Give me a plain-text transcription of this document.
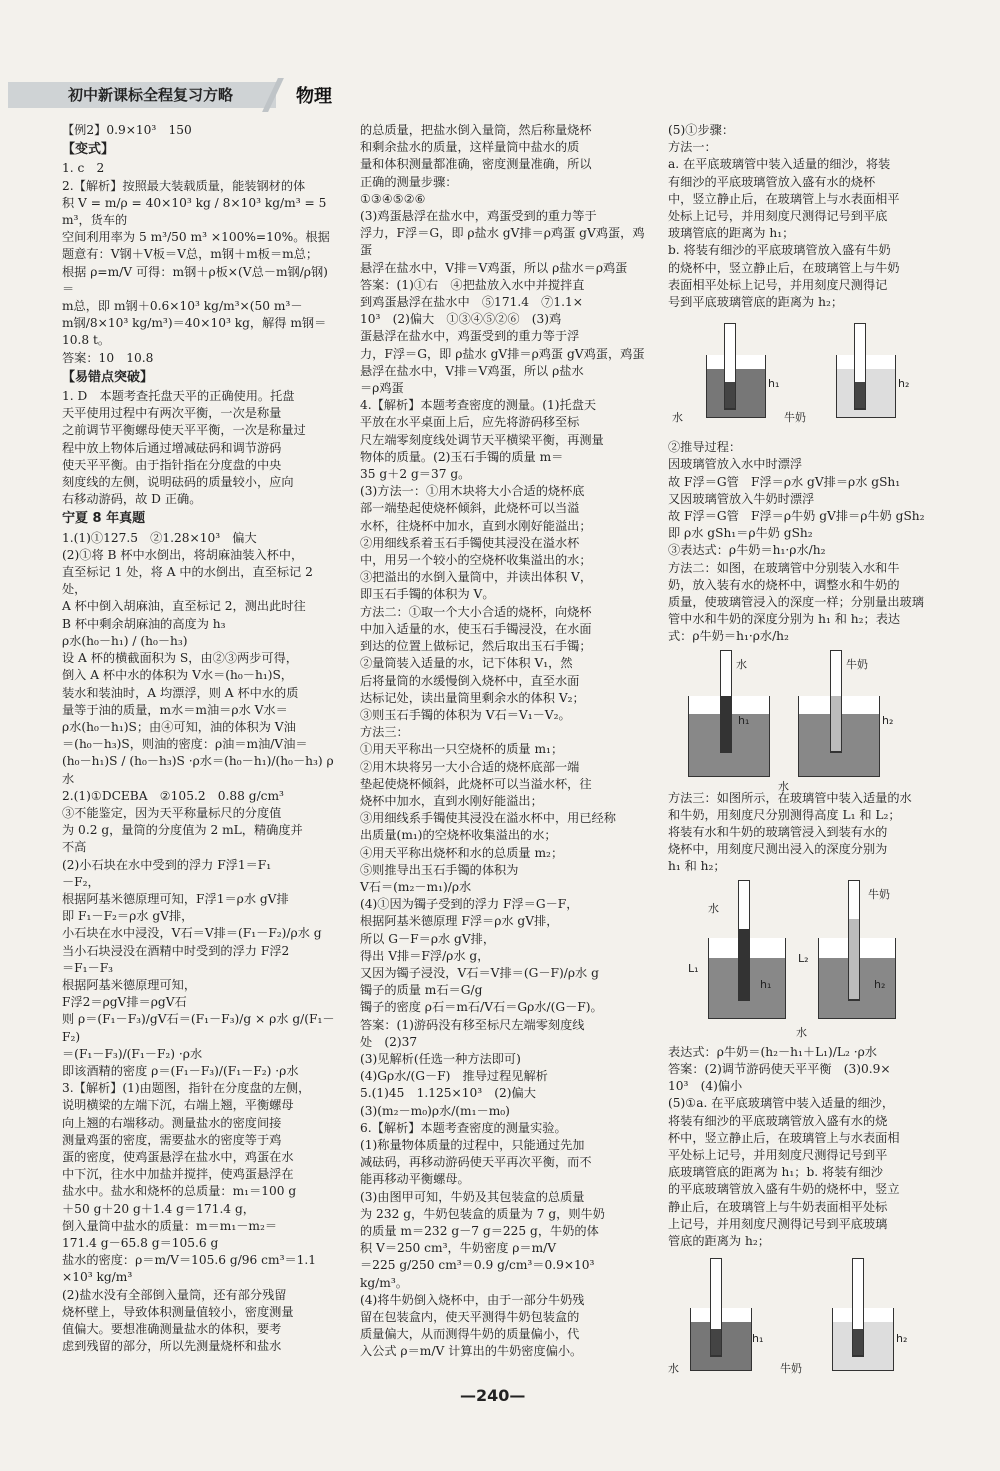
初中新课标全程复习方略	物理

【例2】0.9×10³　150

【变式】

1. c　2

2.【解析】按照最大装载质量，能装钢材的体

积 V = m/ρ = 40×10³ kg / 8×10³ kg/m³ = 5 m³，货车的

空间利用率为 5 m³/50 m³ ×100%=10%。根据

题意有：V钢＋V板＝V总，m钢＋m板＝m总；

根据 ρ=m/V 可得：m钢＋ρ板×(V总－m钢/ρ钢)＝

m总，即 m钢＋0.6×10³ kg/m³×(50 m³－

m钢/8×10³ kg/m³)＝40×10³ kg，解得 m钢＝

10.8 t。

答案：10　10.8

【易错点突破】

1. D　本题考查托盘天平的正确使用。托盘

天平使用过程中有两次平衡，一次是称量

之前调节平衡螺母使天平平衡，一次是称量过

程中放上物体后通过增减砝码和调节游码

使天平平衡。由于指针指在分度盘的中央

刻度线的左侧，说明砝码的质量较小，应向

右移动游码，故 D 正确。

宁夏 8 年真题

1.(1)①127.5　②1.28×10³　偏大

(2)①将 B 杯中水倒出，将胡麻油装入杯中，

直至标记 1 处，将 A 中的水倒出，直至标记 2 处，

A 杯中倒入胡麻油，直至标记 2，测出此时往

B 杯中剩余胡麻油的高度为 h₃

ρ水(h₀－h₁) / (h₀－h₃)

设 A 杯的横截面积为 S，由②③两步可得，

倒入 A 杯中水的体积为 V水＝(h₀－h₁)S，

装水和装油时，A 均漂浮，则 A 杯中水的质

量等于油的质量，m水＝m油＝ρ水 V水＝

ρ水(h₀－h₁)S；由④可知，油的体积为 V油

＝(h₀－h₃)S，则油的密度：ρ油＝m油/V油＝

(h₀－h₁)S / (h₀－h₃)S ·ρ水＝(h₀－h₁)/(h₀－h₃) ρ水

2.(1)①DCEBA　②105.2　0.88 g/cm³

③不能鉴定，因为天平称量标尺的分度值

为 0.2 g，量筒的分度值为 2 mL，精确度并

不高

(2)小石块在水中受到的浮力 F浮1＝F₁

－F₂，

根据阿基米德原理可知，F浮1＝ρ水 gV排

即 F₁－F₂＝ρ水 gV排，

小石块在水中浸没，V石＝V排＝(F₁－F₂)/ρ水 g

当小石块浸没在酒精中时受到的浮力 F浮2

＝F₁－F₃

根据阿基米德原理可知，

F浮2＝ρgV排＝ρgV石

则 ρ＝(F₁－F₃)/gV石＝(F₁－F₃)/g × ρ水 g/(F₁－F₂)

＝(F₁－F₃)/(F₁－F₂) ·ρ水

即该酒精的密度 ρ＝(F₁－F₃)/(F₁－F₂) ·ρ水

3.【解析】(1)由题图，指针在分度盘的左侧，

说明横梁的左端下沉，右端上翘，平衡螺母

向上翘的右端移动。测量盐水的密度间接

测量鸡蛋的密度，需要盐水的密度等于鸡

蛋的密度，使鸡蛋悬浮在盐水中，鸡蛋在水

中下沉，往水中加盐并搅拌，使鸡蛋悬浮在

盐水中。盐水和烧杯的总质量：m₁＝100 g

＋50 g＋20 g＋1.4 g＝171.4 g，

倒入量筒中盐水的质量：m＝m₁－m₂＝

171.4 g－65.8 g＝105.6 g

盐水的密度：ρ＝m/V＝105.6 g/96 cm³＝1.1

×10³ kg/m³

(2)盐水没有全部倒入量筒，还有部分残留

烧杯壁上，导致体积测量值较小，密度测量

值偏大。要想准确测量盐水的体积，要考

虑到残留的部分，所以先测量烧杯和盐水

的总质量，把盐水倒入量筒，然后称量烧杯

和剩余盐水的质量，这样量筒中盐水的质

量和体积测量都准确，密度测量准确，所以

正确的测量步骤：

①③④⑤②⑥

(3)鸡蛋悬浮在盐水中，鸡蛋受到的重力等于

浮力，F浮＝G，即 ρ盐水 gV排＝ρ鸡蛋 gV鸡蛋，鸡蛋

悬浮在盐水中，V排＝V鸡蛋，所以 ρ盐水＝ρ鸡蛋

答案：(1)①右　④把盐放入水中并搅拌直

到鸡蛋悬浮在盐水中　⑤171.4　⑦1.1×

10³　(2)偏大　①③④⑤②⑥　(3)鸡

蛋悬浮在盐水中，鸡蛋受到的重力等于浮

力，F浮＝G，即 ρ盐水 gV排＝ρ鸡蛋 gV鸡蛋，鸡蛋

悬浮在盐水中，V排＝V鸡蛋，所以 ρ盐水

＝ρ鸡蛋

4.【解析】本题考查密度的测量。(1)托盘天

平放在水平桌面上后，应先将游码移至标

尺左端零刻度线处调节天平横梁平衡，再测量

物体的质量。(2)玉石手镯的质量 m＝

35 g＋2 g＝37 g。

(3)方法一：①用木块将大小合适的烧杯底

部一端垫起使烧杯倾斜，此烧杯可以当溢

水杯，往烧杯中加水，直到水刚好能溢出；

②用细线系着玉石手镯使其浸没在溢水杯

中，用另一个较小的空烧杯收集溢出的水；

③把溢出的水倒入量筒中，并读出体积 V，

即玉石手镯的体积为 V。

方法二：①取一个大小合适的烧杯，向烧杯

中加入适量的水，使玉石手镯浸没，在水面

到达的位置上做标记，然后取出玉石手镯；

②量筒装入适量的水，记下体积 V₁，然

后将量筒的水缓慢倒入烧杯中，直至水面

达标记处，读出量筒里剩余水的体积 V₂；

③则玉石手镯的体积为 V石＝V₁－V₂。

方法三：

①用天平称出一只空烧杯的质量 m₁；

②用木块将另一大小合适的烧杯底部一端

垫起使烧杯倾斜，此烧杯可以当溢水杯，往

烧杯中加水，直到水刚好能溢出；

③用细线系手镯使其浸没在溢水杯中，用已经称

出质量(m₁)的空烧杯收集溢出的水；

④用天平称出烧杯和水的总质量 m₂；

⑤则推导出玉石手镯的体积为

V石＝(m₂－m₁)/ρ水

(4)①因为镯子受到的浮力 F浮＝G－F，

根据阿基米德原理 F浮＝ρ水 gV排，

所以 G－F＝ρ水 gV排，

得出 V排＝F浮/ρ水 g，

又因为镯子浸没，V石＝V排＝(G－F)/ρ水 g

镯子的质量 m石＝G/g

镯子的密度 ρ石＝m石/V石＝Gρ水/(G－F)。

答案：(1)游码没有移至标尺左端零刻度线

处　(2)37

(3)见解析(任选一种方法即可)

(4)Gρ水/(G－F)　推导过程见解析

5.(1)45　1.125×10³　(2)偏大

(3)(m₂－m₀)ρ水/(m₁－m₀)

6.【解析】本题考查密度的测量实验。

(1)称量物体质量的过程中，只能通过先加

减砝码，再移动游码使天平再次平衡，而不

能再移动平衡螺母。

(3)由图甲可知，牛奶及其包装盒的总质量

为 232 g，牛奶包装盒的质量为 7 g，则牛奶

的质量 m＝232 g－7 g＝225 g，牛奶的体

积 V＝250 cm³，牛奶密度 ρ＝m/V

＝225 g/250 cm³＝0.9 g/cm³＝0.9×10³ kg/m³。

(4)将牛奶倒入烧杯中，由于一部分牛奶残

留在包装盒内，使天平测得牛奶包装盒的

质量偏大，从而测得牛奶的质量偏小，代

入公式 ρ＝m/V 计算出的牛奶密度偏小。

(5)①步骤：

方法一：

a. 在平底玻璃管中装入适量的细沙，将装

有细沙的平底玻璃管放入盛有水的烧杯

中，竖立静止后，在玻璃管上与水表面相平

处标上记号，并用刻度尺测得记号到平底

玻璃管底的距离为 h₁；

b. 将装有细沙的平底玻璃管放入盛有牛奶

的烧杯中，竖立静止后，在玻璃管上与牛奶

表面相平处标上记号，并用刻度尺测得记

号到平底玻璃管底的距离为 h₂；

水
h₁
牛奶
h₂

②推导过程：

因玻璃管放入水中时漂浮

故 F浮＝G管　F浮＝ρ水 gV排＝ρ水 gSh₁

又因玻璃管放入牛奶时漂浮

故 F浮＝G管　F浮＝ρ牛奶 gV排＝ρ牛奶 gSh₂

即 ρ水 gSh₁＝ρ牛奶 gSh₂

③表达式：ρ牛奶＝h₁·ρ水/h₂

方法二：如图，在玻璃管中分别装入水和牛

奶，放入装有水的烧杯中，调整水和牛奶的

质量，使玻璃管浸入的深度一样；分别量出玻璃

管中水和牛奶的深度分别为 h₁ 和 h₂；表达

式：ρ牛奶＝h₁·ρ水/h₂

水
h₁
牛奶
h₂
水

方法三：如图所示，在玻璃管中装入适量的水

和牛奶，用刻度尺分别测得高度 L₁ 和 L₂；

将装有水和牛奶的玻璃管浸入到装有水的

烧杯中，用刻度尺测出浸入的深度分别为

h₁ 和 h₂；

水
L₁
h₁
牛奶
L₂
h₂
水

表达式：ρ牛奶＝(h₂－h₁＋L₁)/L₂ ·ρ水

答案：(2)调节游码使天平平衡　(3)0.9×

10³　(4)偏小

(5)①a. 在平底玻璃管中装入适量的细沙，

将装有细沙的平底玻璃管放入盛有水的烧

杯中，竖立静止后，在玻璃管上与水表面相

平处标上记号，并用刻度尺测得记号到平

底玻璃管底的距离为 h₁；b. 将装有细沙

的平底玻璃管放入盛有牛奶的烧杯中，竖立

静止后，在玻璃管上与牛奶表面相平处标

上记号，并用刻度尺测得记号到平底玻璃

管底的距离为 h₂；

水
h₁
牛奶
h₂
—240—
